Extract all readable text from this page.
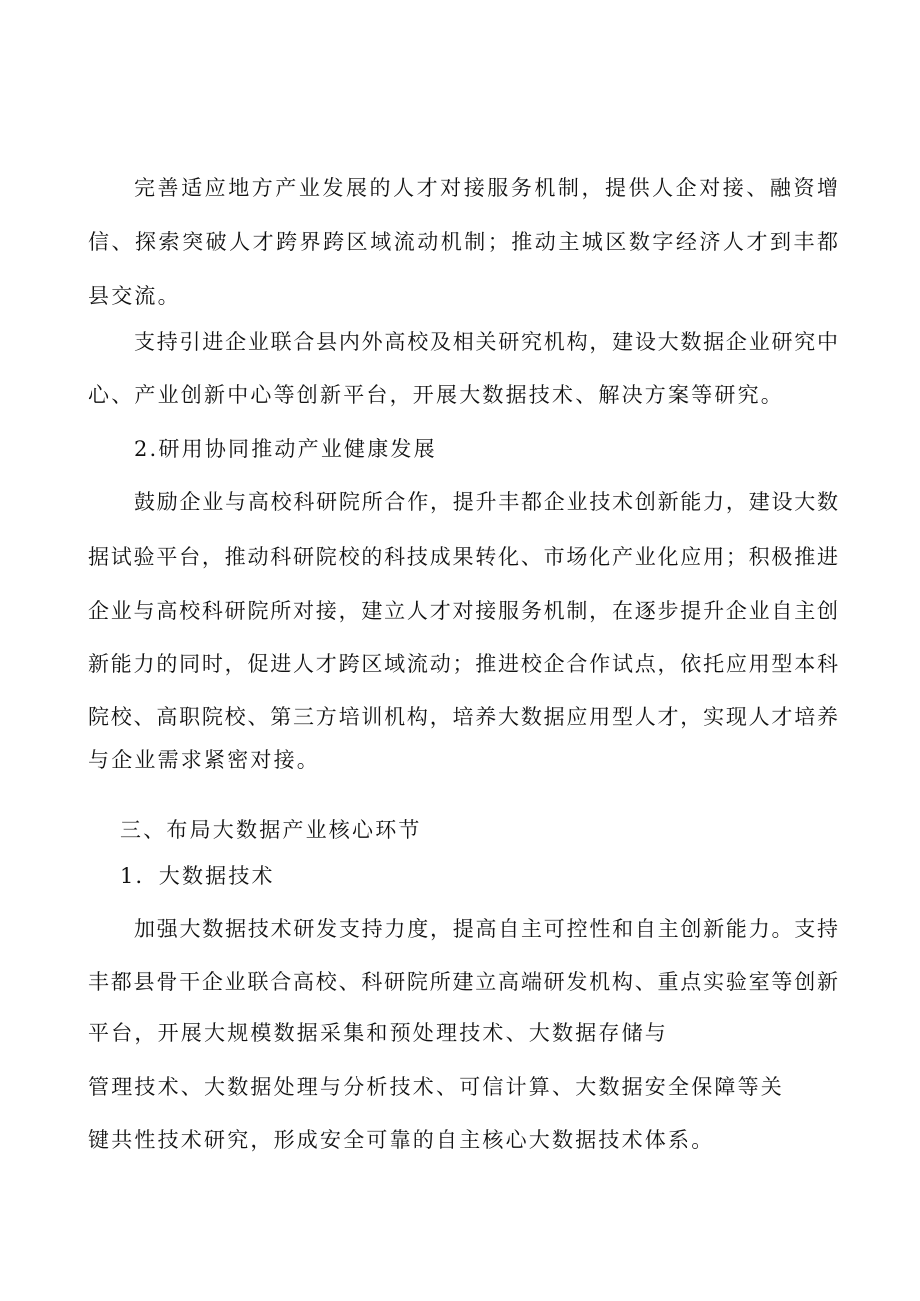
完善适应地方产业发展的人才对接服务机制，提供人企对接、融资增
信、探索突破人才跨界跨区域流动机制；推动主城区数字经济人才到丰都
县交流。
支持引进企业联合县内外高校及相关研究机构，建设大数据企业研究中
心、产业创新中心等创新平台，开展大数据技术、解决方案等研究。
2.研用协同推动产业健康发展
鼓励企业与高校科研院所合作，提升丰都企业技术创新能力，建设大数
据试验平台，推动科研院校的科技成果转化、市场化产业化应用；积极推进
企业与高校科研院所对接，建立人才对接服务机制，在逐步提升企业自主创
新能力的同时，促进人才跨区域流动；推进校企合作试点，依托应用型本科
院校、高职院校、第三方培训机构，培养大数据应用型人才，实现人才培养
与企业需求紧密对接。
三、布局大数据产业核心环节
1．大数据技术
加强大数据技术研发支持力度，提高自主可控性和自主创新能力。支持
丰都县骨干企业联合高校、科研院所建立高端研发机构、重点实验室等创新
平台，开展大规模数据采集和预处理技术、大数据存储与
管理技术、大数据处理与分析技术、可信计算、大数据安全保障等关
键共性技术研究，形成安全可靠的自主核心大数据技术体系。
